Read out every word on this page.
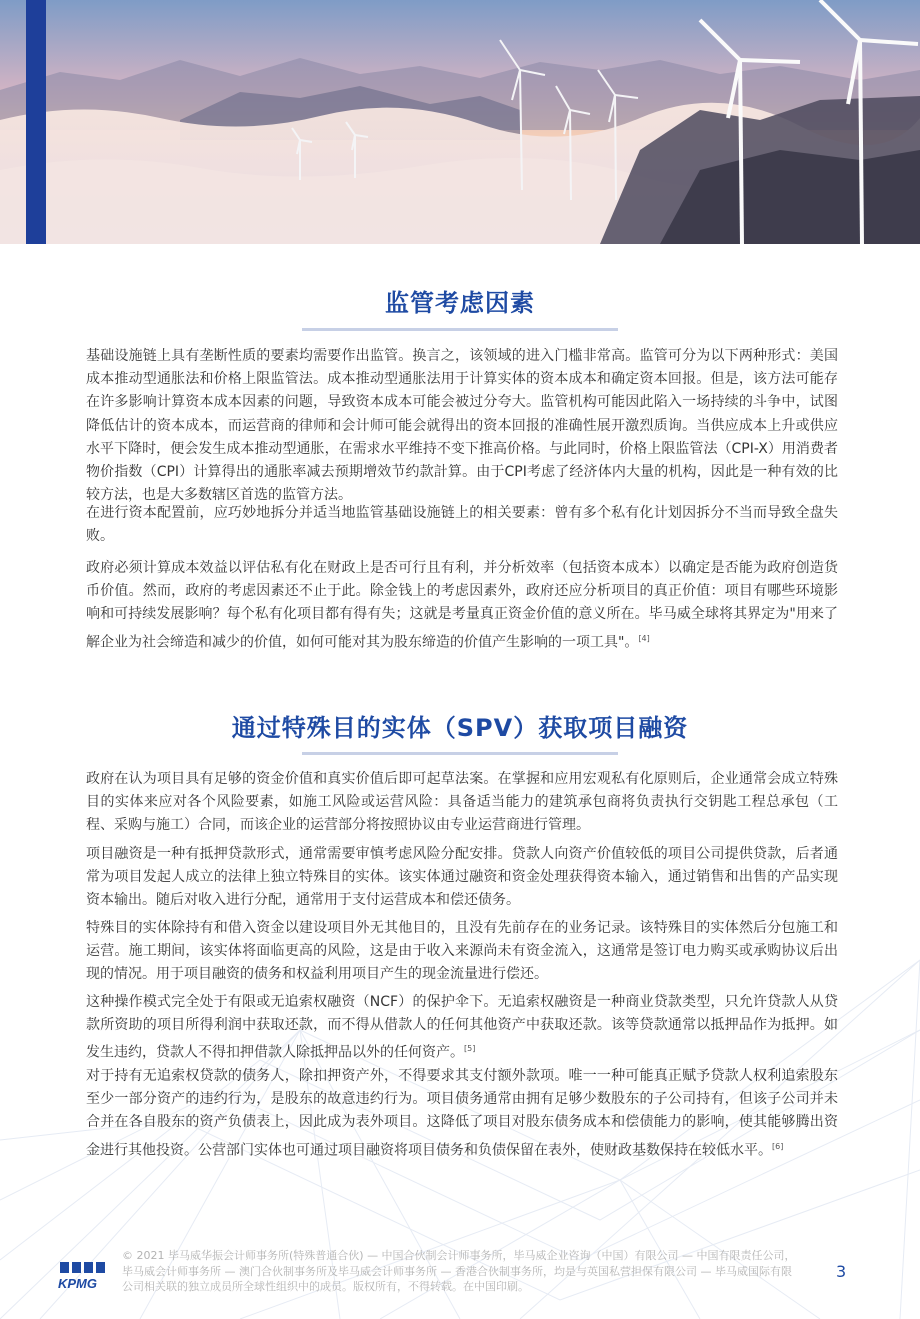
监管考虑因素

基础设施链上具有垄断性质的要素均需要作出监管。换言之，该领域的进入门槛非常高。监管可分为以下两种形式：美国成本推动型通胀法和价格上限监管法。成本推动型通胀法用于计算实体的资本成本和确定资本回报。但是，该方法可能存在许多影响计算资本成本因素的问题，导致资本成本可能会被过分夸大。监管机构可能因此陷入一场持续的斗争中，试图降低估计的资本成本，而运营商的律师和会计师可能会就得出的资本回报的准确性展开激烈质询。当供应成本上升或供应水平下降时，便会发生成本推动型通胀，在需求水平维持不变下推高价格。与此同时，价格上限监管法（CPI-X）用消费者物价指数（CPI）计算得出的通胀率减去预期增效节约款計算。由于CPI考虑了经济体内大量的机构，因此是一种有效的比较方法，也是大多数辖区首选的监管方法。

在进行资本配置前，应巧妙地拆分并适当地监管基础设施链上的相关要素：曾有多个私有化计划因拆分不当而导致全盘失败。

政府必须计算成本效益以评估私有化在财政上是否可行且有利，并分析效率（包括资本成本）以确定是否能为政府创造货币价值。然而，政府的考虑因素还不止于此。除金钱上的考虑因素外，政府还应分析项目的真正价值：项目有哪些环境影响和可持续发展影响？每个私有化项目都有得有失；这就是考量真正资金价值的意义所在。毕马威全球将其界定为"用来了解企业为社会缔造和减少的价值，如何可能对其为股东缔造的价值产生影响的一项工具"。[4]

通过特殊目的实体（SPV）获取项目融资

政府在认为项目具有足够的资金价值和真实价值后即可起草法案。在掌握和应用宏观私有化原则后，企业通常会成立特殊目的实体来应对各个风险要素，如施工风险或运营风险：具备适当能力的建筑承包商将负责执行交钥匙工程总承包（工程、采购与施工）合同，而该企业的运营部分将按照协议由专业运营商进行管理。

项目融资是一种有抵押贷款形式，通常需要审慎考虑风险分配安排。贷款人向资产价值较低的项目公司提供贷款，后者通常为项目发起人成立的法律上独立特殊目的实体。该实体通过融资和资金处理获得资本输入，通过销售和出售的产品实现资本输出。随后对收入进行分配，通常用于支付运营成本和偿还债务。

特殊目的实体除持有和借入资金以建设项目外无其他目的，且没有先前存在的业务记录。该特殊目的实体然后分包施工和运营。施工期间，该实体将面临更高的风险，这是由于收入来源尚未有资金流入，这通常是签订电力购买或承购协议后出现的情况。用于项目融资的债务和权益利用项目产生的现金流量进行偿还。

这种操作模式完全处于有限或无追索权融资（NCF）的保护伞下。无追索权融资是一种商业贷款类型，只允许贷款人从贷款所资助的项目所得利润中获取还款，而不得从借款人的任何其他资产中获取还款。该等贷款通常以抵押品作为抵押。如发生违约，贷款人不得扣押借款人除抵押品以外的任何资产。[5]

对于持有无追索权贷款的债务人，除扣押资产外，不得要求其支付额外款项。唯一一种可能真正赋予贷款人权利追索股东至少一部分资产的违约行为，是股东的故意违约行为。项目债务通常由拥有足够少数股东的子公司持有，但该子公司并未合并在各自股东的资产负债表上，因此成为表外项目。这降低了项目对股东债务成本和偿债能力的影响，使其能够腾出资金进行其他投资。公营部门实体也可通过项目融资将项目债务和负债保留在表外，使财政基数保持在较低水平。[6]

KPMG

© 2021 毕马威华振会计师事务所(特殊普通合伙) — 中国合伙制会计师事务所，毕马威企业咨询（中国）有限公司 — 中国有限责任公司，毕马威会计师事务所 — 澳门合伙制事务所及毕马威会计师事务所 — 香港合伙制事务所，均是与英国私营担保有限公司 — 毕马威国际有限公司相关联的独立成员所全球性组织中的成员。版权所有，不得转载。在中国印刷。

3
